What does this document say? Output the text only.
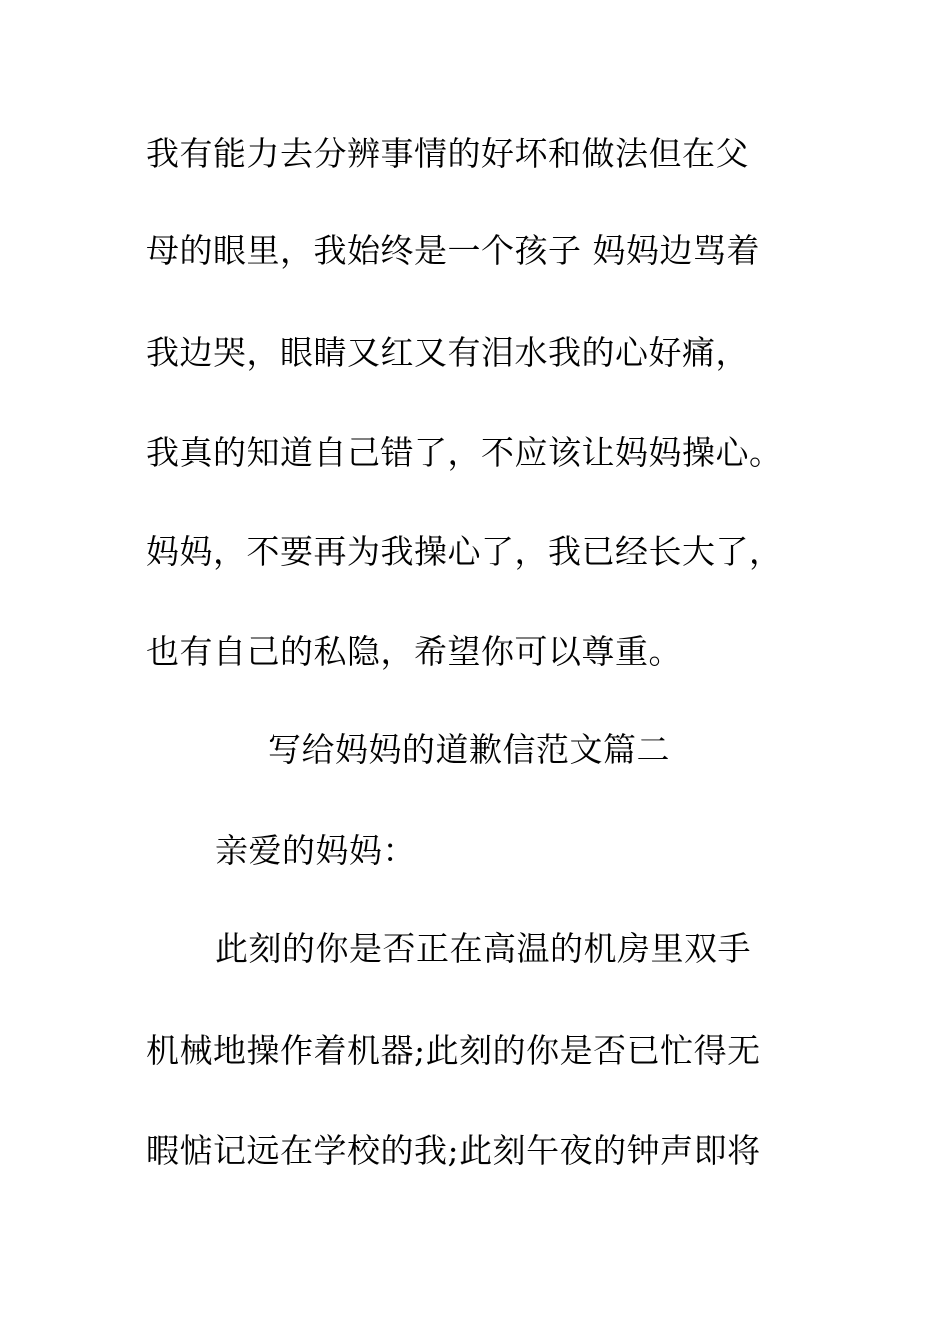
我有能力去分辨事情的好坏和做法但在父
母的眼里，我始终是一个孩子 妈妈边骂着
我边哭，眼睛又红又有泪水我的心好痛，
我真的知道自己错了，不应该让妈妈操心。
妈妈，不要再为我操心了，我已经长大了，
也有自己的私隐，希望你可以尊重。
写给妈妈的道歉信范文篇二
亲爱的妈妈：
此刻的你是否正在高温的机房里双手
机械地操作着机器;此刻的你是否已忙得无
暇惦记远在学校的我;此刻午夜的钟声即将
